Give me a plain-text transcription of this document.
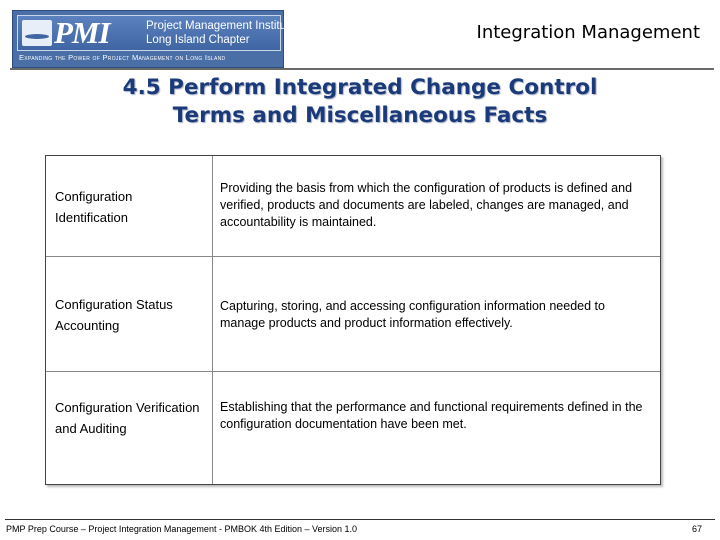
PMI	Project Management Institute
Long Island Chapter
Expanding the Power of Project Management on Long Island
Integration Management
4.5 Perform Integrated Change Control
Terms and Miscellaneous Facts
Configuration Identification
Providing the basis from which the configuration of products is defined and verified, products and documents are labeled, changes are managed, and accountability is maintained.
Configuration Status Accounting
Capturing, storing, and accessing configuration information needed to manage products and product information effectively.
Configuration Verification and Auditing
Establishing that the performance and functional requirements defined in the configuration documentation have been met.
PMP Prep Course – Project Integration Management - PMBOK 4th Edition – Version 1.0	67
